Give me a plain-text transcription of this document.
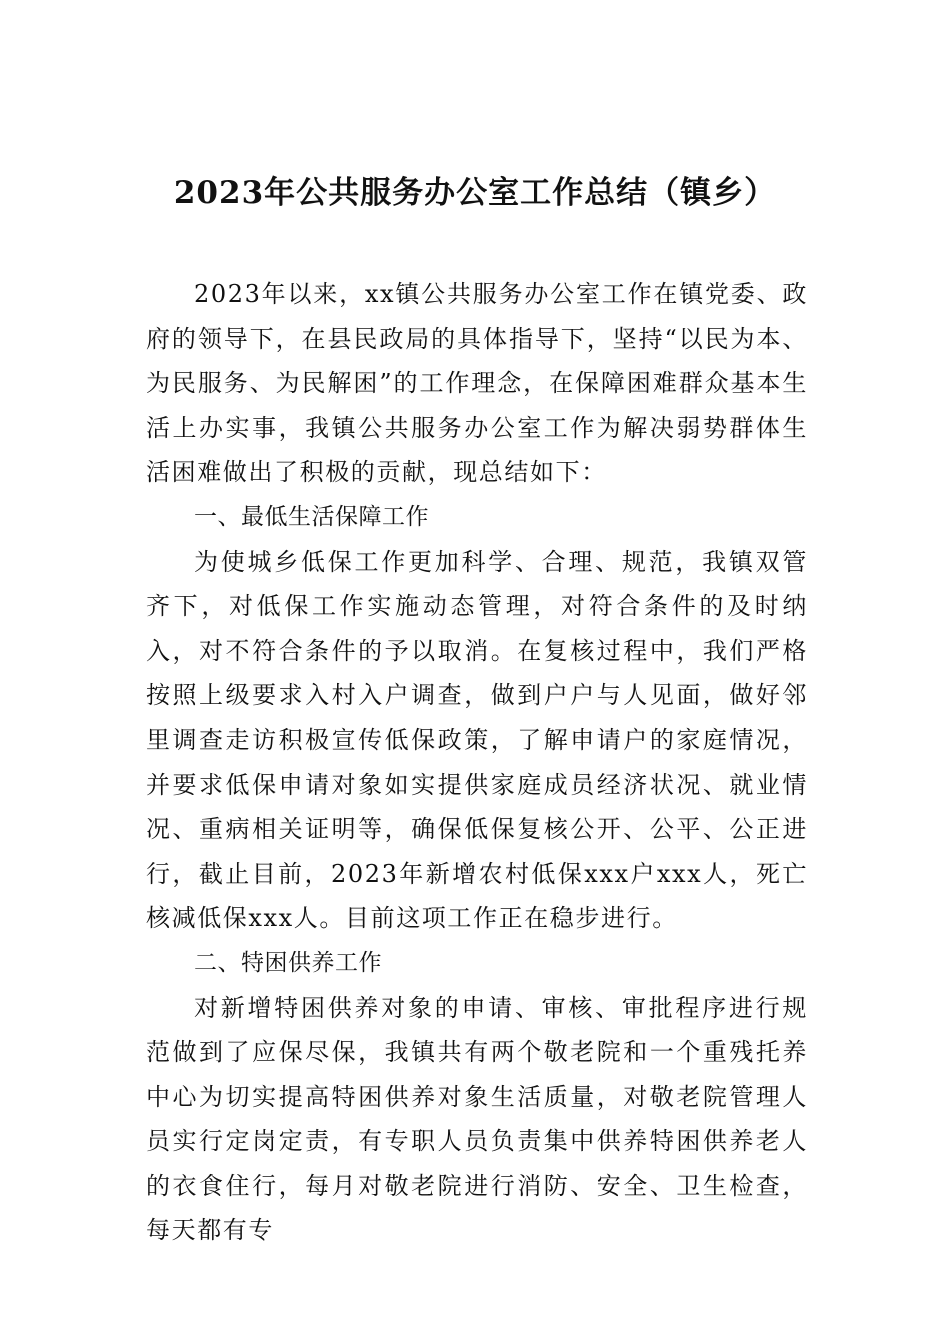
2023年公共服务办公室工作总结（镇乡）

2023年以来，xx镇公共服务办公室工作在镇党委、政府的领导下，在县民政局的具体指导下，坚持“以民为本、为民服务、为民解困”的工作理念，在保障困难群众基本生活上办实事，我镇公共服务办公室工作为解决弱势群体生活困难做出了积极的贡献，现总结如下：

一、最低生活保障工作

为使城乡低保工作更加科学、合理、规范，我镇双管齐下，对低保工作实施动态管理，对符合条件的及时纳入，对不符合条件的予以取消。在复核过程中，我们严格按照上级要求入村入户调查，做到户户与人见面，做好邻里调查走访积极宣传低保政策，了解申请户的家庭情况，并要求低保申请对象如实提供家庭成员经济状况、就业情况、重病相关证明等，确保低保复核公开、公平、公正进行，截止目前，2023年新增农村低保xxx户xxx人，死亡核减低保xxx人。目前这项工作正在稳步进行。

二、特困供养工作

对新增特困供养对象的申请、审核、审批程序进行规范做到了应保尽保，我镇共有两个敬老院和一个重残托养中心为切实提高特困供养对象生活质量，对敬老院管理人员实行定岗定责，有专职人员负责集中供养特困供养老人的衣食住行，每月对敬老院进行消防、安全、卫生检查，每天都有专
